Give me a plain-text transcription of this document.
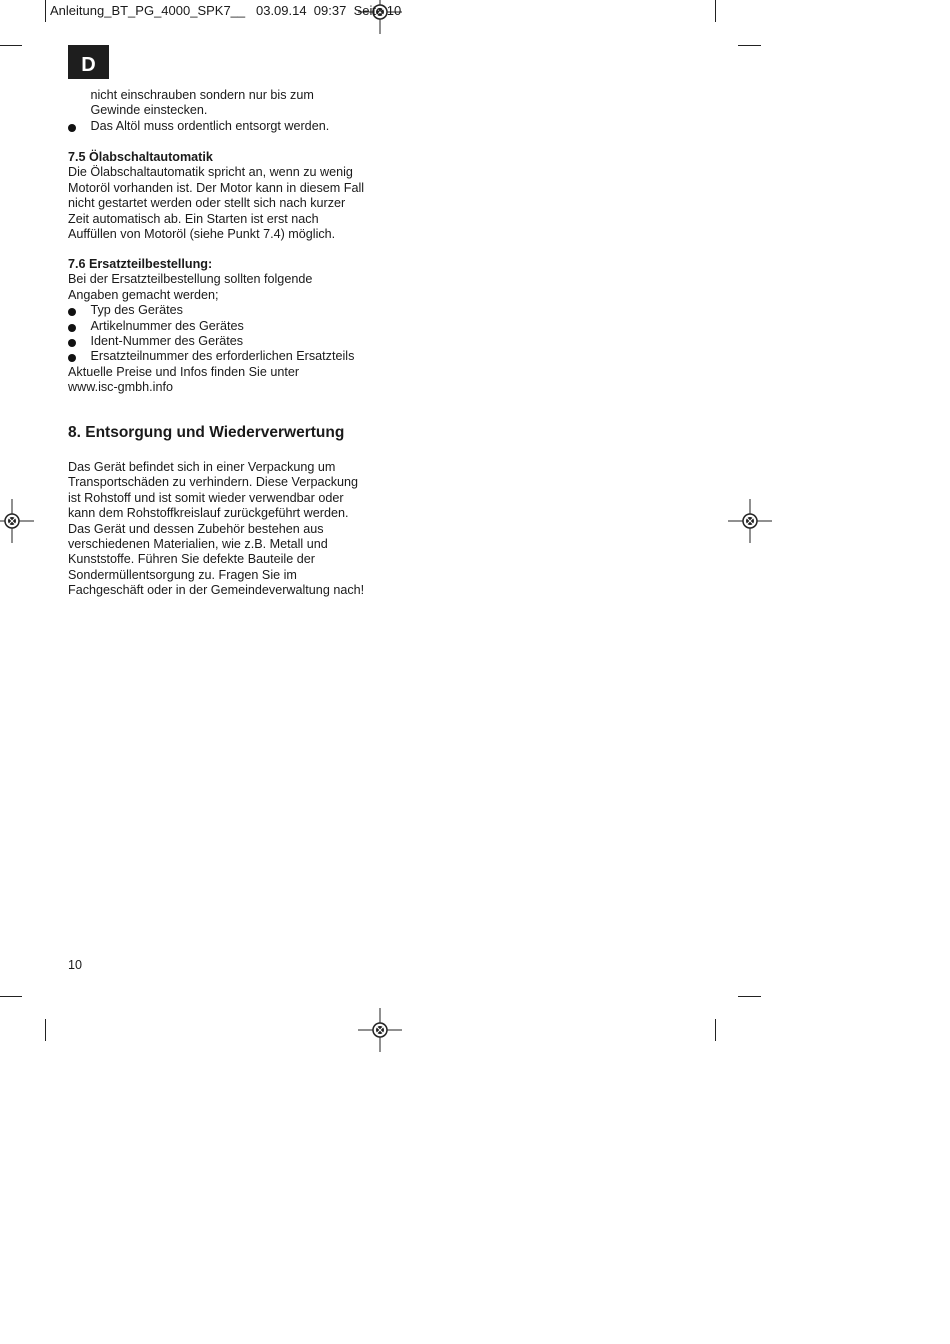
Anleitung_BT_PG_4000_SPK7__   03.09.14  09:37  Seite 10
D

nicht einschrauben sondern nur bis zum

Gewinde einstecken.

Das Altöl muss ordentlich entsorgt werden.

7.5 Ölabschaltautomatik

Die Ölabschaltautomatik spricht an, wenn zu wenig

Motoröl vorhanden ist. Der Motor kann in diesem Fall

nicht gestartet werden oder stellt sich nach kurzer

Zeit automatisch ab. Ein Starten ist erst nach

Auffüllen von Motoröl (siehe Punkt 7.4) möglich.

7.6 Ersatzteilbestellung:

Bei der Ersatzteilbestellung sollten folgende

Angaben gemacht werden;

Typ des Gerätes
Artikelnummer des Gerätes
Ident-Nummer des Gerätes
Ersatzteilnummer des erforderlichen Ersatzteils

Aktuelle Preise und Infos finden Sie unter

www.isc-gmbh.info

8. Entsorgung und Wiederverwertung

Das Gerät befindet sich in einer Verpackung um

Transportschäden zu verhindern. Diese Verpackung

ist Rohstoff und ist somit wieder verwendbar oder

kann dem Rohstoffkreislauf zurückgeführt werden.

Das Gerät und dessen Zubehör bestehen aus

verschiedenen Materialien, wie z.B. Metall und

Kunststoffe. Führen Sie defekte Bauteile der

Sondermüllentsorgung zu. Fragen Sie im

Fachgeschäft oder in der Gemeindeverwaltung nach!

10
